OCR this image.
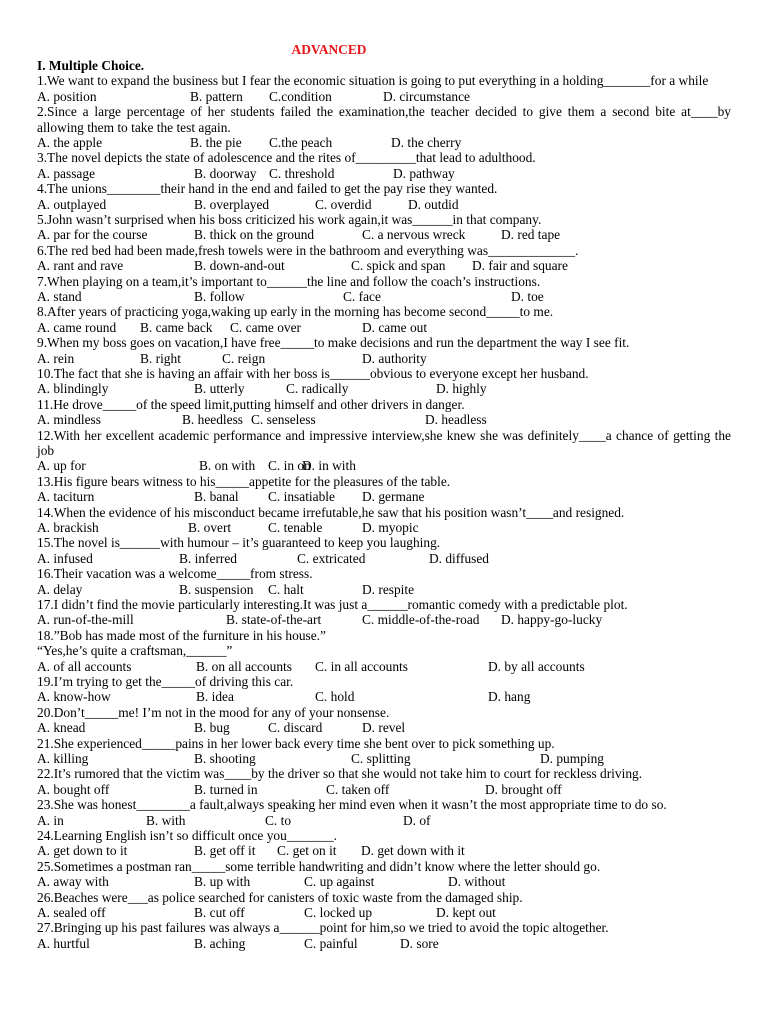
ADVANCED
I. Multiple Choice.
1.We want to expand the business but I fear the economic situation is going to put everything in a holding_______for a while
A. position	B. pattern C.condition	D. circumstance
2.Since a large percentage of her students failed the examination,the teacher decided to give them a second bite at____by allowing them to take the test again.
A. the apple	B. the pie C.the peach	D. the cherry
3.The novel depicts the state of adolescence and the rites of_________that lead to adulthood.
A. passage	B. doorway C. threshold	D. pathway
4.The unions________their hand in the end and failed to get the pay rise they wanted.
A. outplayed	B. overplayed	C. overdid	D. outdid
5.John wasn’t surprised when his boss criticized his work again,it was______in that company.
A. par for the course	B. thick on the ground	C. a nervous wreck	D. red tape
6.The red bed had been made,fresh towels were in the bathroom and everything was_____________.
A. rant and rave	B. down-and-out	C. spick and span D. fair and square
7.When playing on a team,it’s important to______the line and follow the coach’s instructions.
A. stand	B. follow	C. face	D. toe
8.After years of practicing yoga,waking up early in the morning has become second_____to me.
A. came round B. came back C. came over	D. came out
9.When my boss goes on vacation,I have free_____to make decisions and run the department the way I see fit.
A. rein	B. right	C. reign	D. authority
10.The fact that she is having an affair with her boss is______obvious to everyone except her husband.
A. blindingly	B. utterly	C. radically	D. highly
11.He drove_____of the speed limit,putting himself and other drivers in danger.
A. mindless	B. heedless C. senseless	D. headless
12.With her excellent academic performance and impressive interview,she knew she was definitely____a chance of getting the job
A. up for	B. on with C. in on
D. in with
13.His figure bears witness to his_____appetite for the pleasures of the table.
A. taciturn	B. banal C. insatiable D. germane
14.When the evidence of his misconduct became irrefutable,he saw that his position wasn’t____and resigned.
A. brackish	B. overt	C. tenable	D. myopic
15.The novel is______with humour – it’s guaranteed to keep you laughing.
A. infused	B. inferred	C. extricated	D. diffused
16.Their vacation was a welcome_____from stress.
A. delay	B. suspension C. halt	D. respite
17.I didn’t find the movie particularly interesting.It was just a______romantic comedy with a predictable plot.
A. run-of-the-mill	B. state-of-the-art	C. middle-of-the-road D. happy-go-lucky
18.”Bob has made most of the furniture in his house.”
“Yes,he’s quite a craftsman,______”
A. of all accounts	B. on all accounts C. in all accounts	D. by all accounts
19.I’m trying to get the_____of driving this car.
A. know-how	B. idea	C. hold	D. hang
20.Don’t_____me! I’m not in the mood for any of your nonsense.
A. knead	B. bug	C. discard	D. revel
21.She experienced_____pains in her lower back every time she bent over to pick something up.
A. killing	B. shooting	C. splitting	D. pumping
22.It’s rumored that the victim was____by the driver so that she would not take him to court for reckless driving.
A. bought off	B. turned in	C. taken off	D. brought off
23.She was honest________a fault,always speaking her mind even when it wasn’t the most appropriate time to do so.
A. in	B. with	C. to	D. of
24.Learning English isn’t so difficult once you_______.
A. get down to it	B. get off it C. get on it D. get down with it
25.Sometimes a postman ran_____some terrible handwriting and didn’t know where the letter should go.
A. away with	B. up with	C. up against	D. without
26.Beaches were___as police searched for canisters of toxic waste from the damaged ship.
A. sealed off	B. cut off	C. locked up	D. kept out
27.Bringing up his past failures was always a______point for him,so we tried to avoid the topic altogether.
A. hurtful	B. aching	C. painful	D. sore
